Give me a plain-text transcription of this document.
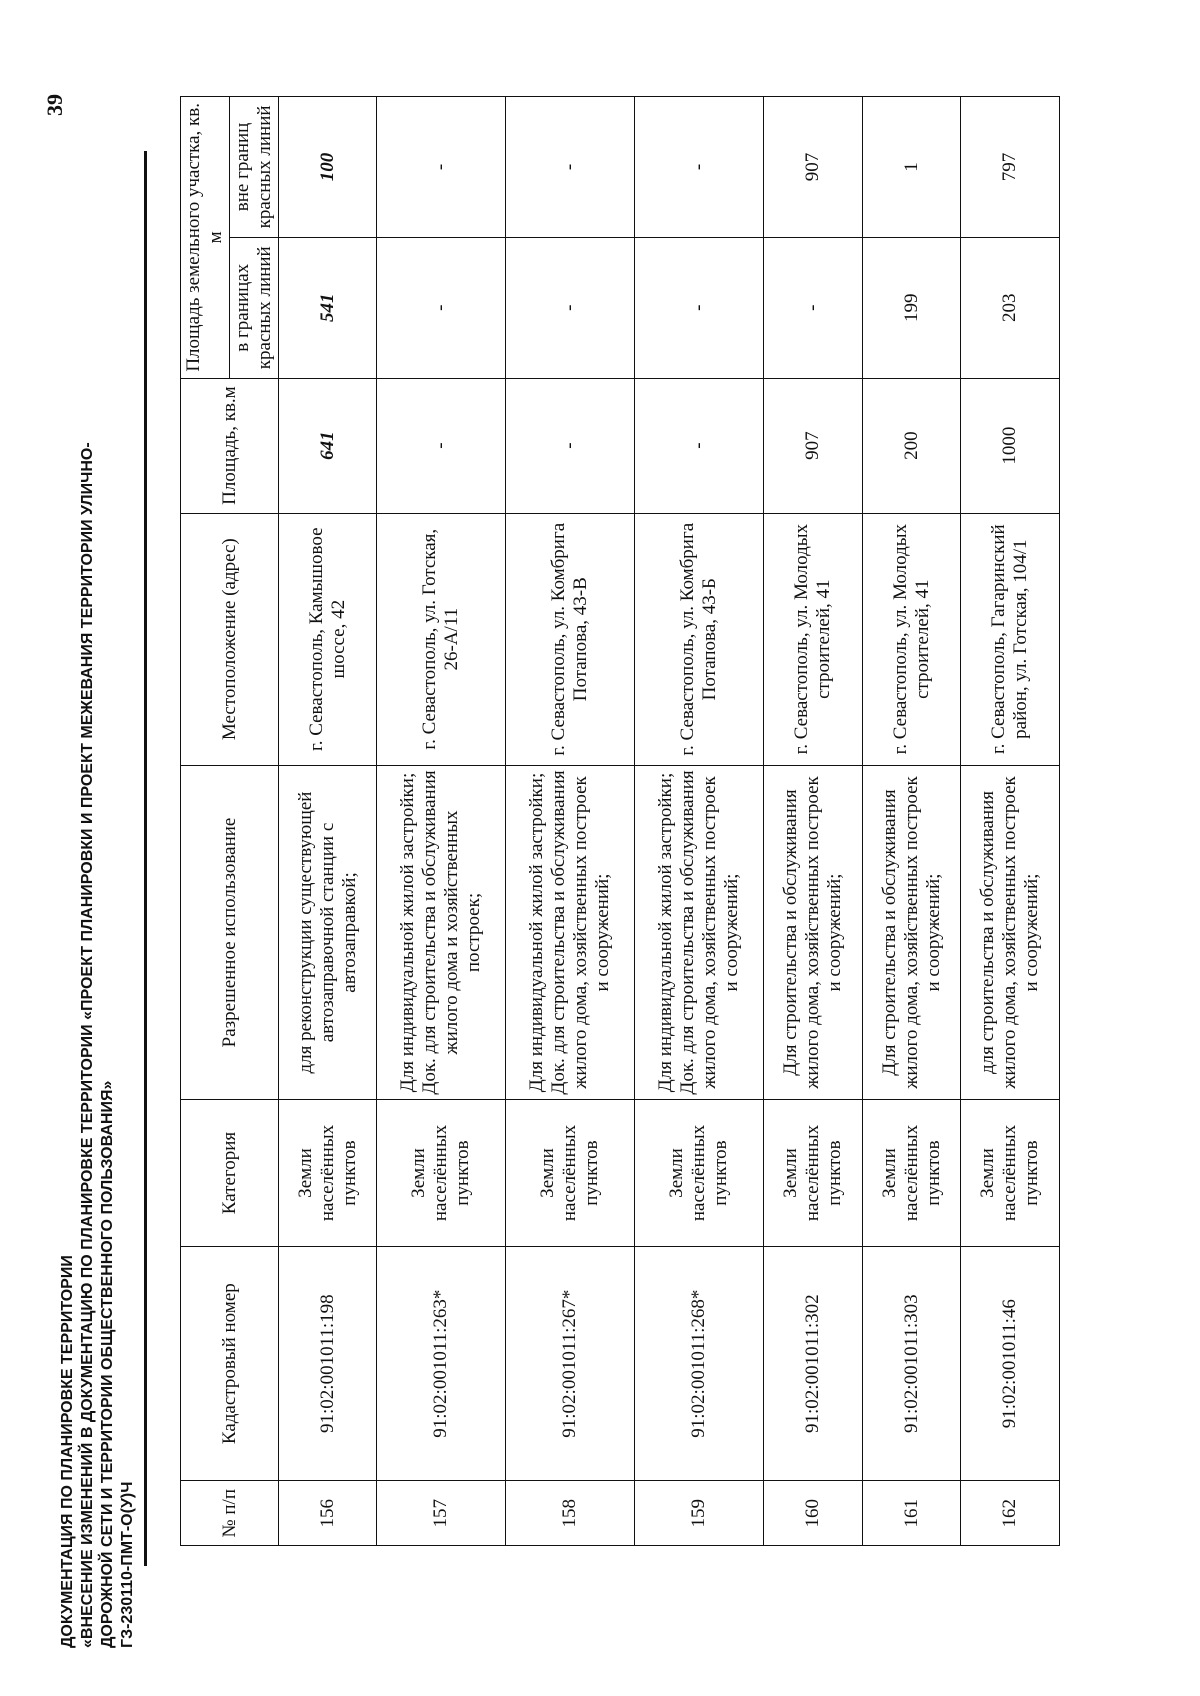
ДОКУМЕНТАЦИЯ ПО ПЛАНИРОВКЕ ТЕРРИТОРИИ «ВНЕСЕНИЕ ИЗМЕНЕНИЙ В ДОКУМЕНТАЦИЮ ПО ПЛАНИРОВКЕ ТЕРРИТОРИИ «ПРОЕКТ ПЛАНИРОВКИ И ПРОЕКТ МЕЖЕВАНИЯ ТЕРРИТОРИИ УЛИЧНО- ДОРОЖНОЙ СЕТИ И ТЕРРИТОРИИ ОБЩЕСТВЕННОГО ПОЛЬЗОВАНИЯ» ГЗ-230110-ПМТ-О(У)Ч
39
№ п/п	Кадастровый номер	Категория	Разрешенное использование	Местоположение (адрес)	Площадь, кв.м	Площадь земельного участка, кв. м	
						в границах красных линий	вне границ красных линий
156	91:02:001011:198	Земли населённых пунктов	для реконструкции существующей автозаправочной станции с автозаправкой;	г. Севастополь, Камышовое шоссе, 42	641	541	100
157	91:02:001011:263*	Земли населённых пунктов	Для индивидуальной жилой застройки; Док. для строительства и обслуживания жилого дома и хозяйственных построек;	г. Севастополь, ул. Готская, 26-А/11	-	-	-
158	91:02:001011:267*	Земли населённых пунктов	Для индивидуальной жилой застройки; Док. для строительства и обслуживания жилого дома, хозяйственных построек и сооружений;	г. Севастополь, ул. Комбрига Потапова, 43-В	-	-	-
159	91:02:001011:268*	Земли населённых пунктов	Для индивидуальной жилой застройки; Док. для строительства и обслуживания жилого дома, хозяйственных построек и сооружений;	г. Севастополь, ул. Комбрига Потапова, 43-Б	-	-	-
160	91:02:001011:302	Земли населённых пунктов	Для строительства и обслуживания жилого дома, хозяйственных построек и сооружений;	г. Севастополь, ул. Молодых строителей, 41	907	-	907
161	91:02:001011:303	Земли населённых пунктов	Для строительства и обслуживания жилого дома, хозяйственных построек и сооружений;	г. Севастополь, ул. Молодых строителей, 41	200	199	1
162	91:02:001011:46	Земли населённых пунктов	для строительства и обслуживания жилого дома, хозяйственных построек и сооружений;	г. Севастополь, Гагаринский район, ул. Готская, 104/1	1000	203	797
